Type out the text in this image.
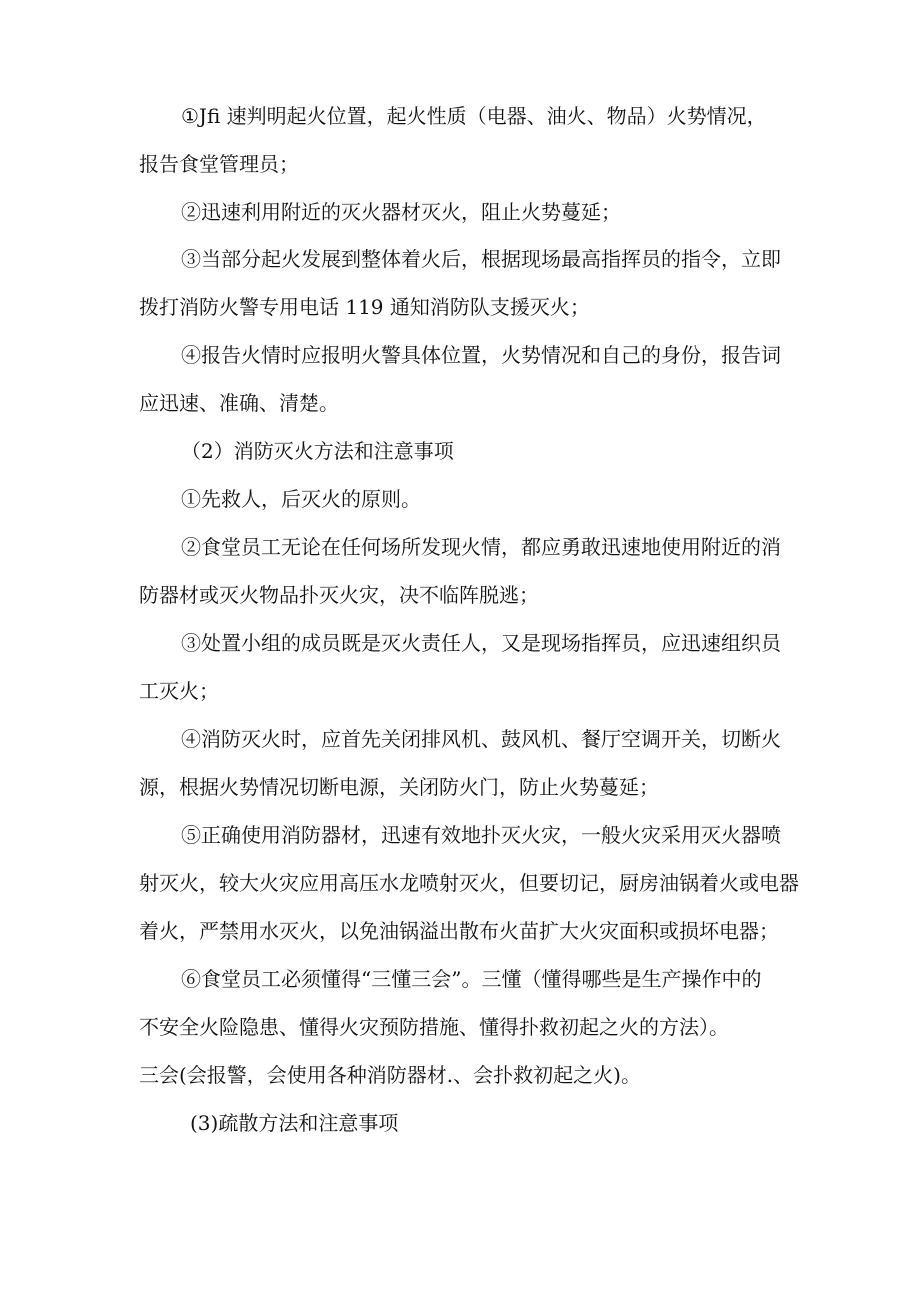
①Jfi 速判明起火位置，起火性质（电器、油火、物品）火势情况，
报告食堂管理员；
②迅速利用附近的灭火器材灭火，阻止火势蔓延；
③当部分起火发展到整体着火后，根据现场最高指挥员的指令，立即
拨打消防火警专用电话 119 通知消防队支援灭火；
④报告火情时应报明火警具体位置，火势情况和自己的身份，报告词
应迅速、准确、清楚。
（2）消防灭火方法和注意事项
①先救人，后灭火的原则。
②食堂员工无论在任何场所发现火情，都应勇敢迅速地使用附近的消
防器材或灭火物品扑灭火灾，决不临阵脱逃；
③处置小组的成员既是灭火责任人，又是现场指挥员，应迅速组织员
工灭火；
④消防灭火时，应首先关闭排风机、鼓风机、餐厅空调开关，切断火
源，根据火势情况切断电源，关闭防火门，防止火势蔓延；
⑤正确使用消防器材，迅速有效地扑灭火灾，一般火灾采用灭火器喷
射灭火，较大火灾应用高压水龙喷射灭火，但要切记，厨房油锅着火或电器
着火，严禁用水灭火，以免油锅溢出散布火苗扩大火灾面积或损坏电器；
⑥食堂员工必须懂得“三懂三会”。三懂（懂得哪些是生产操作中的
不安全火险隐患、懂得火灾预防措施、懂得扑救初起之火的方法）。
三会(会报警，会使用各种消防器材.、会扑救初起之火)。
(3)疏散方法和注意事项
